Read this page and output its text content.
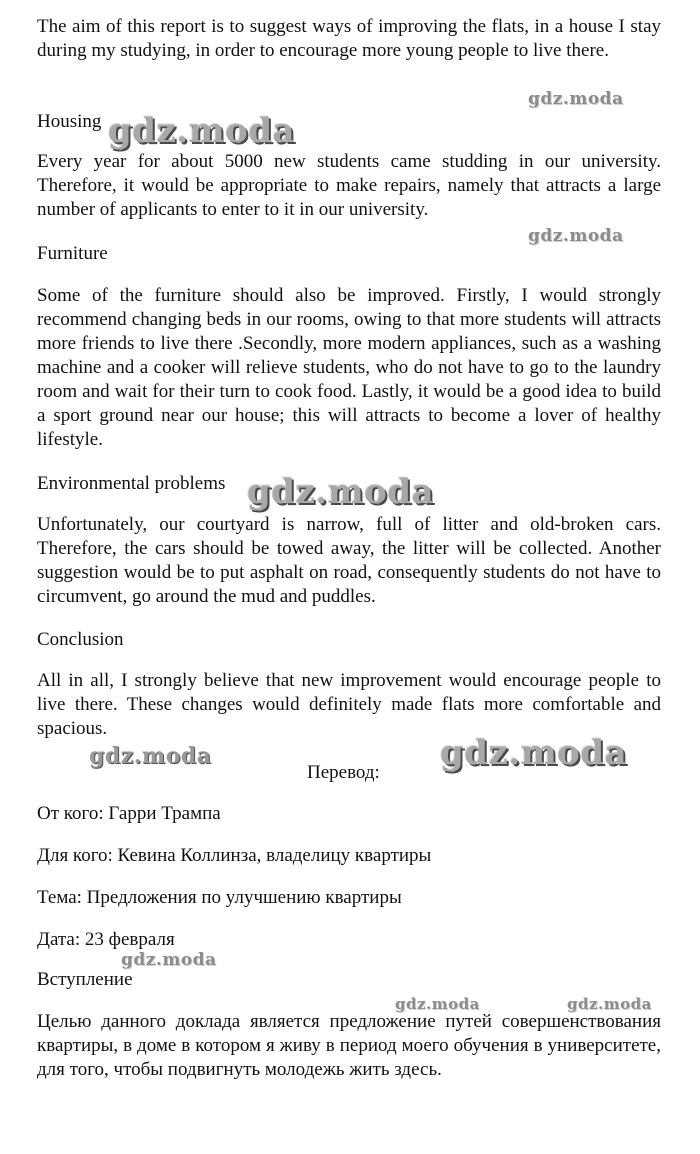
The aim of this report is to suggest ways of improving the flats, in a house I stay during my studying, in order to encourage more young people to live there.

Housing

Every year for about 5000 new students came studding in our university. Therefore, it would be appropriate to make repairs, namely that attracts a large number of applicants to enter to it in our university.

Furniture

Some of the furniture should also be improved. Firstly, I would strongly recommend changing beds in our rooms, owing to that more students will attracts more friends to live there .Secondly, more modern appliances, such as a washing machine and a cooker will relieve students, who do not have to go to the laundry room and wait for their turn to cook food. Lastly, it would be a good idea to build a sport ground near our house; this will attracts to become a lover of healthy lifestyle.

Environmental problems

Unfortunately, our courtyard is narrow, full of litter and old-broken cars. Therefore, the cars should be towed away, the litter will be collected. Another suggestion would be to put asphalt on road, consequently students do not have to circumvent, go around the mud and puddles.

Conclusion

All in all, I strongly believe that new improvement would encourage people to live there. These changes would definitely made flats more comfortable and spacious.

Перевод:

От кого: Гарри Трампа

Для кого: Кевина Коллинза, владелицу квартиры

Тема: Предложения по улучшению квартиры

Дата: 23 февраля

Вступление

Целью данного доклада является предложение путей совершенствования квартиры, в доме в котором я живу в период моего обучения в университете, для того, чтобы подвигнуть молодежь жить здесь.

gdz.moda
gdz.moda
gdz.moda
gdz.moda
gdz.moda	gdz.moda
gdz.moda
gdz.moda	gdz.moda
